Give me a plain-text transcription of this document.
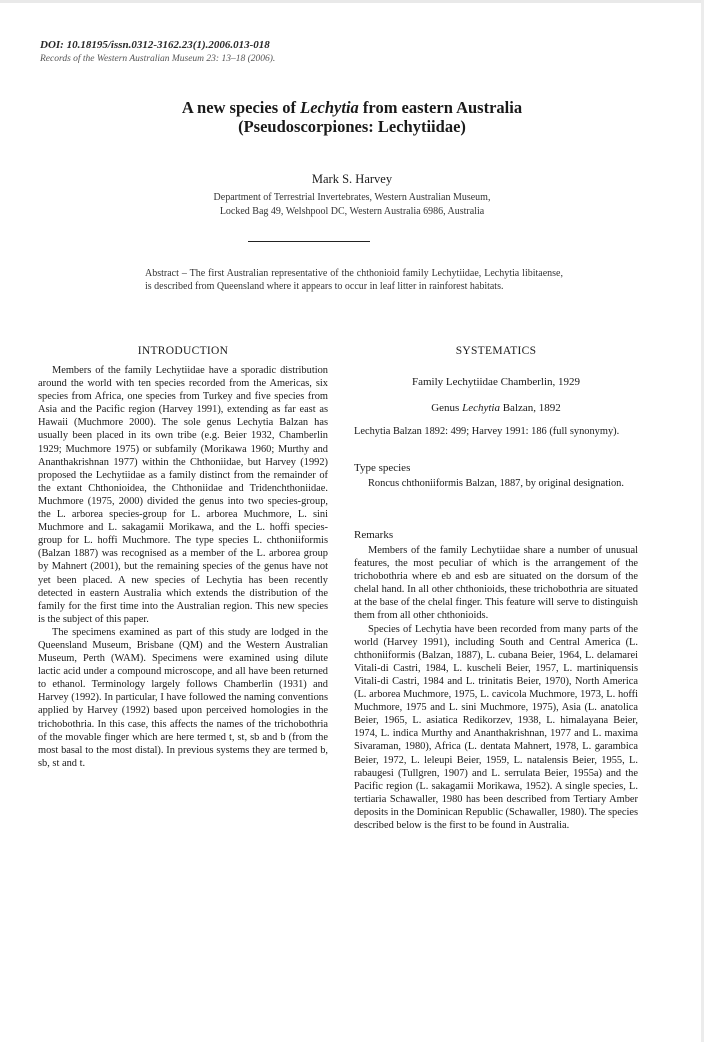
DOI: 10.18195/issn.0312-3162.23(1).2006.013-018
Records of the Western Australian Museum 23: 13–18 (2006).
A new species of Lechytia from eastern Australia
(Pseudoscorpiones: Lechytiidae)
Mark S. Harvey
Department of Terrestrial Invertebrates, Western Australian Museum,
Locked Bag 49, Welshpool DC, Western Australia 6986, Australia
Abstract – The first Australian representative of the chthonioid family Lechytiidae, Lechytia libitaense, is described from Queensland where it appears to occur in leaf litter in rainforest habitats.
INTRODUCTION

Members of the family Lechytiidae have a sporadic distribution around the world with ten species recorded from the Americas, six species from Africa, one species from Turkey and five species from Asia and the Pacific region (Harvey 1991), extending as far east as Hawaii (Muchmore 2000). The sole genus Lechytia Balzan has usually been placed in its own tribe (e.g. Beier 1932, Chamberlin 1929; Muchmore 1975) or subfamily (Morikawa 1960; Murthy and Ananthakrishnan 1977) within the Chthoniidae, but Harvey (1992) proposed the Lechytiidae as a family distinct from the remainder of the extant Chthonioidea, the Chthoniidae and Tridenchthoniidae. Muchmore (1975, 2000) divided the genus into two species-group, the L. arborea species-group for L. arborea Muchmore, L. sini Muchmore and L. sakagamii Morikawa, and the L. hoffi species-group for L. hoffi Muchmore. The type species L. chthoniiformis (Balzan 1887) was recognised as a member of the L. arborea group by Mahnert (2001), but the remaining species of the genus have not yet been placed. A new species of Lechytia has been recently detected in eastern Australia which extends the distribution of the family for the first time into the Australian region. This new species is the subject of this paper.

The specimens examined as part of this study are lodged in the Queensland Museum, Brisbane (QM) and the Western Australian Museum, Perth (WAM). Specimens were examined using dilute lactic acid under a compound microscope, and all have been returned to ethanol. Terminology largely follows Chamberlin (1931) and Harvey (1992). In particular, I have followed the naming conventions applied by Harvey (1992) based upon perceived homologies in the trichobothria. In this case, this affects the names of the trichobothria of the movable finger which are here termed t, st, sb and b (from the most basal to the most distal). In previous systems they are termed b, sb, st and t.

SYSTEMATICS
Family Lechytiidae Chamberlin, 1929
Genus Lechytia Balzan, 1892
Lechytia Balzan 1892: 499; Harvey 1991: 186 (full synonymy).
Type species

Roncus chthoniiformis Balzan, 1887, by original designation.

Remarks

Members of the family Lechytiidae share a number of unusual features, the most peculiar of which is the arrangement of the trichobothria where eb and esb are situated on the dorsum of the chelal hand. In all other chthonioids, these trichobothria are situated at the base of the chelal finger. This feature will serve to distinguish them from all other chthonioids.

Species of Lechytia have been recorded from many parts of the world (Harvey 1991), including South and Central America (L. chthoniiformis (Balzan, 1887), L. cubana Beier, 1964, L. delamarei Vitali-di Castri, 1984, L. kuscheli Beier, 1957, L. martiniquensis Vitali-di Castri, 1984 and L. trinitatis Beier, 1970), North America (L. arborea Muchmore, 1975, L. cavicola Muchmore, 1973, L. hoffi Muchmore, 1975 and L. sini Muchmore, 1975), Asia (L. anatolica Beier, 1965, L. asiatica Redikorzev, 1938, L. himalayana Beier, 1974, L. indica Murthy and Ananthakrishnan, 1977 and L. maxima Sivaraman, 1980), Africa (L. dentata Mahnert, 1978, L. garambica Beier, 1972, L. leleupi Beier, 1959, L. natalensis Beier, 1955, L. rabaugesi (Tullgren, 1907) and L. serrulata Beier, 1955a) and the Pacific region (L. sakagamii Morikawa, 1952). A single species, L. tertiaria Schawaller, 1980 has been described from Tertiary Amber deposits in the Dominican Republic (Schawaller, 1980). The species described below is the first to be found in Australia.
